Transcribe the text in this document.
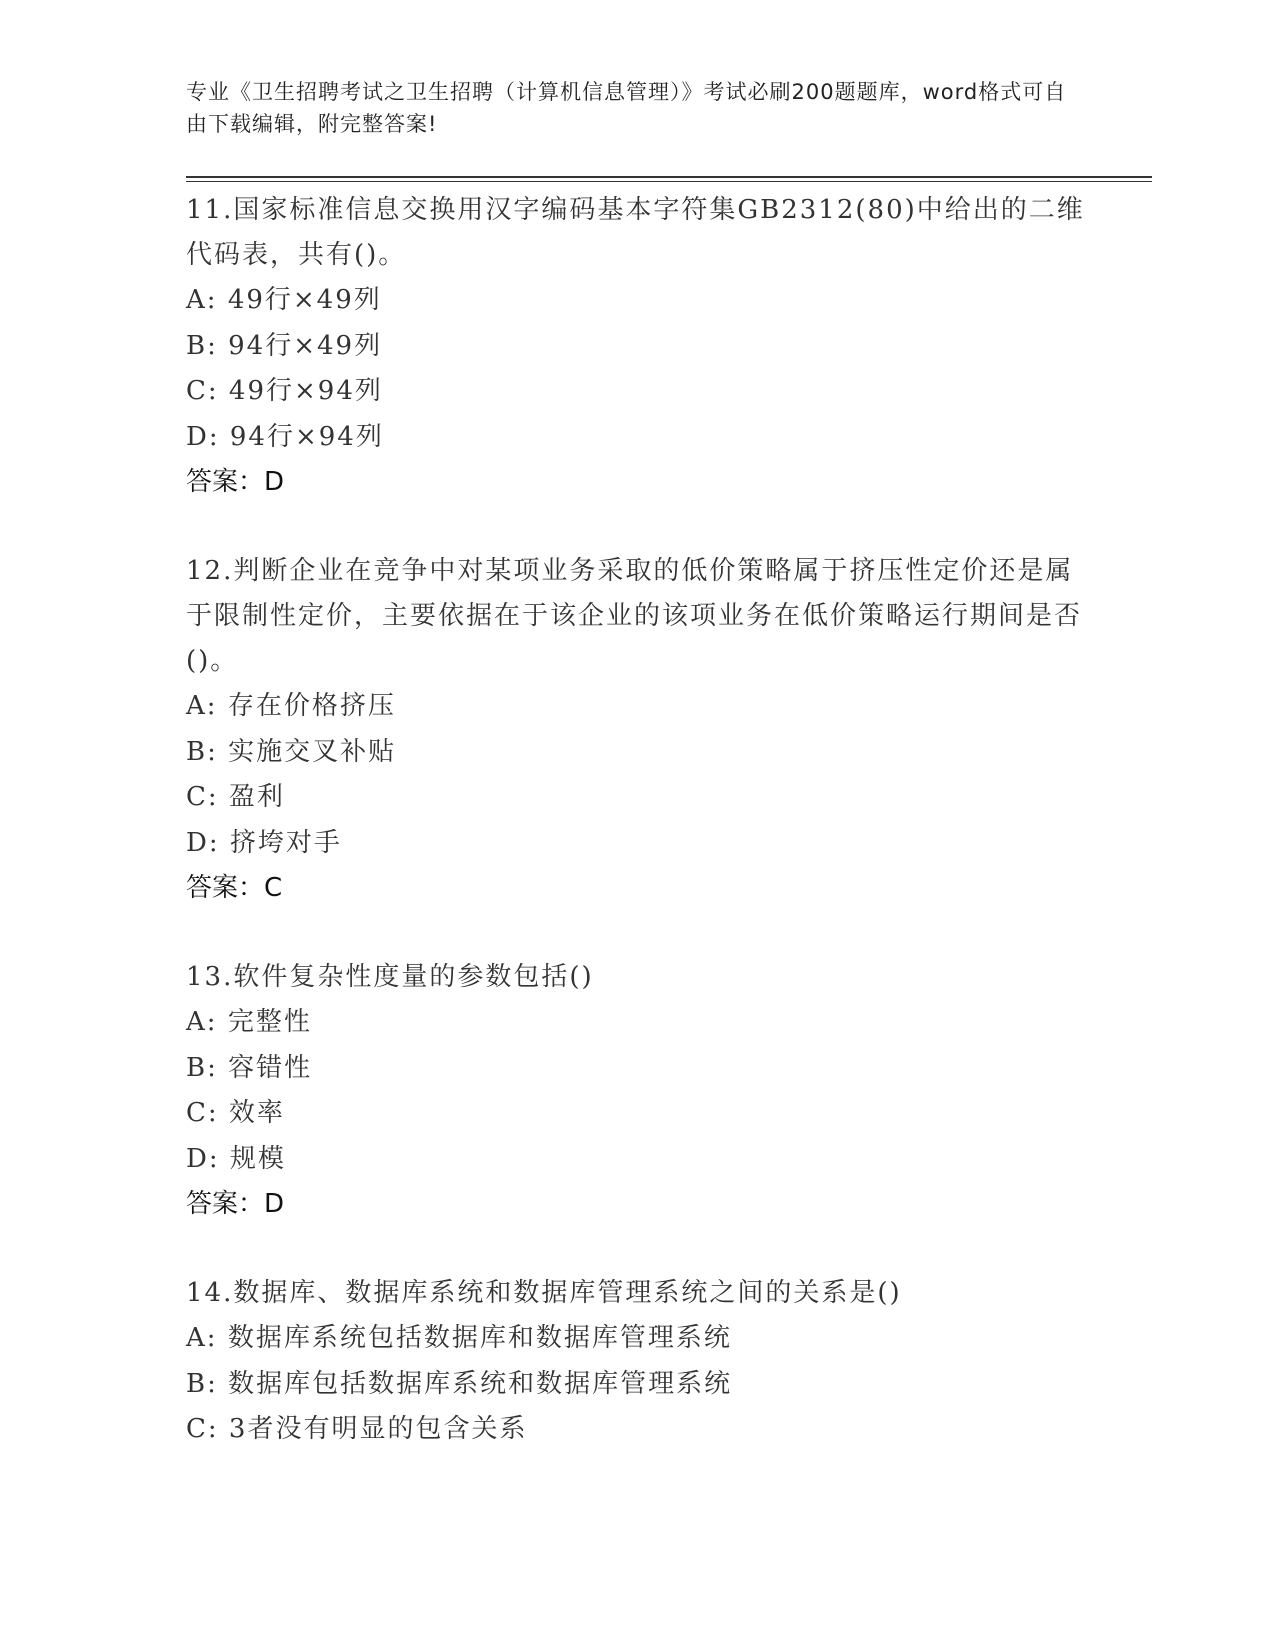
专业《卫生招聘考试之卫生招聘（计算机信息管理）》考试必刷200题题库，word格式可自由下载编辑，附完整答案!
11.国家标准信息交换用汉字编码基本字符集GB2312(80)中给出的二维代码表，共有()。
A: 49行×49列
B: 94行×49列
C: 49行×94列
D: 94行×94列
答案：D
12.判断企业在竞争中对某项业务采取的低价策略属于挤压性定价还是属于限制性定价，主要依据在于该企业的该项业务在低价策略运行期间是否()。
A: 存在价格挤压
B: 实施交叉补贴
C: 盈利
D: 挤垮对手
答案：C
13.软件复杂性度量的参数包括()
A: 完整性
B: 容错性
C: 效率
D: 规模
答案：D
14.数据库、数据库系统和数据库管理系统之间的关系是()
A: 数据库系统包括数据库和数据库管理系统
B: 数据库包括数据库系统和数据库管理系统
C: 3者没有明显的包含关系
